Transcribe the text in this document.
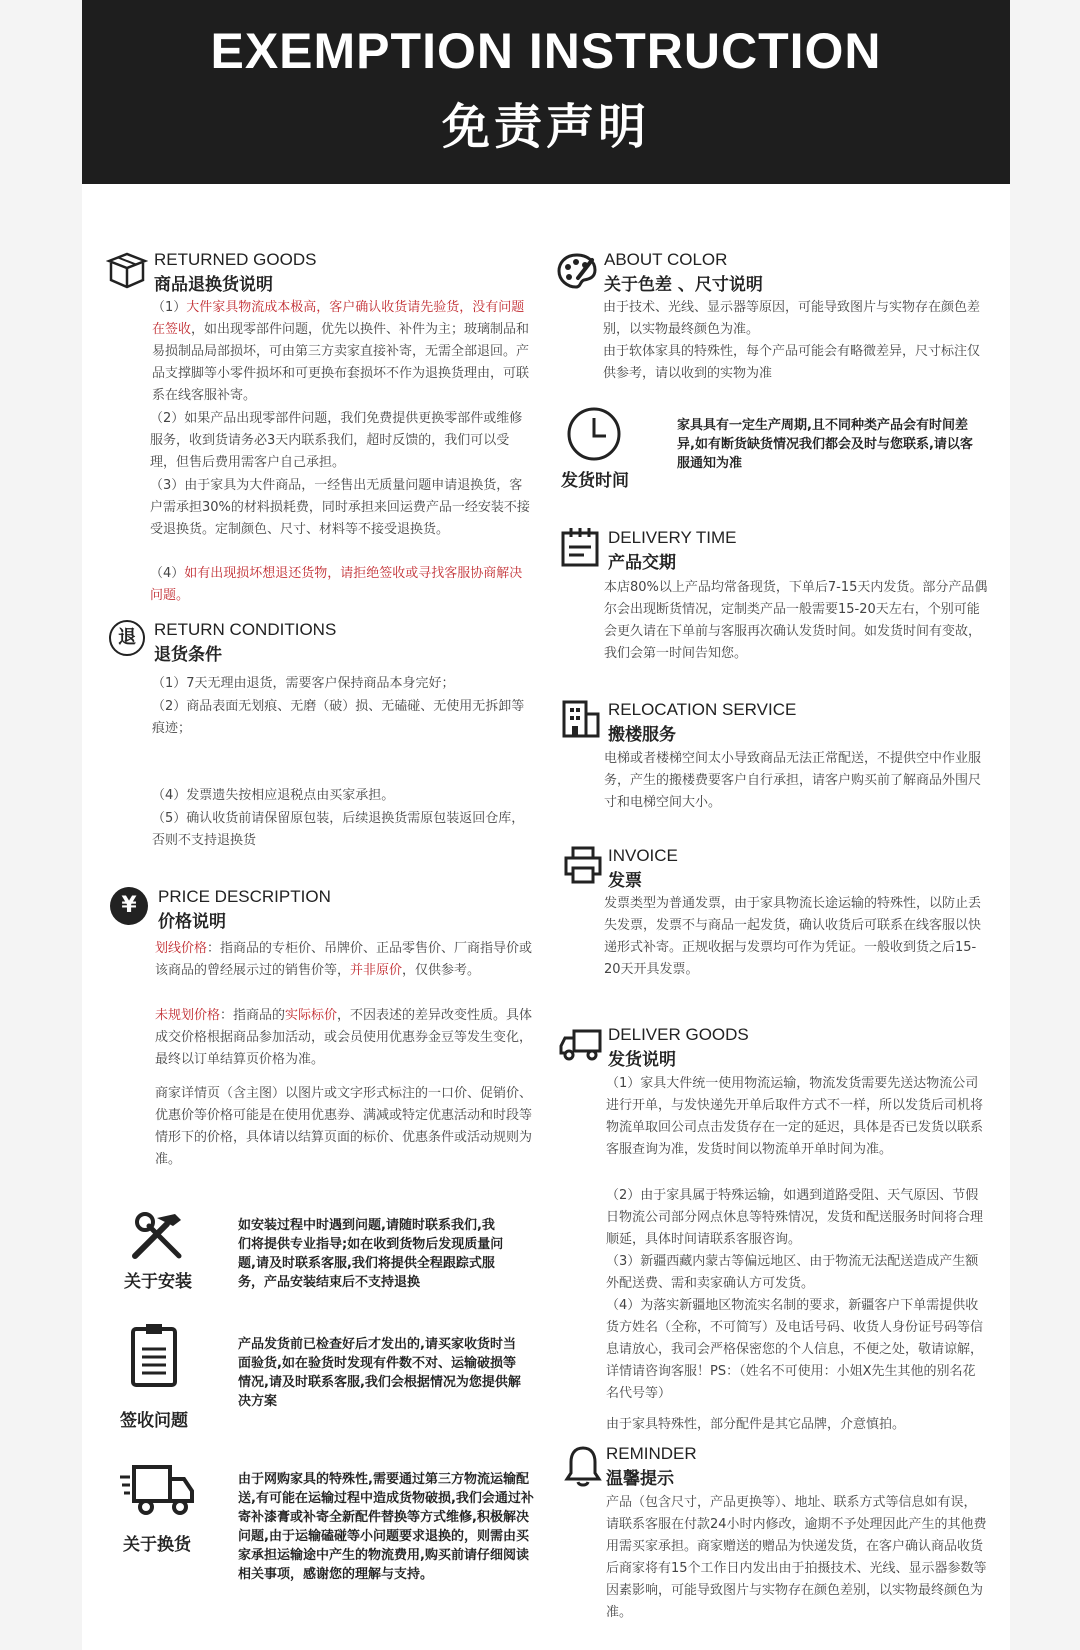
EXEMPTION INSTRUCTION
免责声明
RETURNED GOODS
商品退换货说明
（1）大件家具物流成本极高，客户确认收货请先验货，没有问题在签收，如出现零部件问题，优先以换件、补件为主；玻璃制品和易损制品局部损坏，可由第三方卖家直接补寄，无需全部退回。产品支撑脚等小零件损坏和可更换布套损坏不作为退换货理由，可联系在线客服补寄。
（2）如果产品出现零部件问题，我们免费提供更换零部件或维修服务，收到货请务必3天内联系我们，超时反馈的，我们可以受理，但售后费用需客户自己承担。
（3）由于家具为大件商品，一经售出无质量问题申请退换货，客户需承担30%的材料损耗费，同时承担来回运费产品一经安装不接受退换货。定制颜色、尺寸、材料等不接受退换货。
（4）如有出现损坏想退还货物，请拒绝签收或寻找客服协商解决问题。
退	RETURN CONDITIONS
退货条件
（1）7天无理由退货，需要客户保持商品本身完好；
（2）商品表面无划痕、无磨（破）损、无磕碰、无使用无拆卸等痕迹；
（4）发票遗失按相应退税点由买家承担。
（5）确认收货前请保留原包装，后续退换货需原包装返回仓库，否则不支持退换货
¥	PRICE DESCRIPTION
价格说明
划线价格：指商品的专柜价、吊牌价、正品零售价、厂商指导价或该商品的曾经展示过的销售价等，并非原价，仅供参考。
未规划价格：指商品的实际标价，不因表述的差异改变性质。具体成交价格根据商品参加活动，或会员使用优惠券金豆等发生变化，最终以订单结算页价格为准。
商家详情页（含主图）以图片或文字形式标注的一口价、促销价、优惠价等价格可能是在使用优惠券、满减或特定优惠活动和时段等情形下的价格，具体请以结算页面的标价、优惠条件或活动规则为准。
关于安装
如安装过程中时遇到问题,请随时联系我们,我们将提供专业指导;如在收到货物后发现质量问题,请及时联系客服,我们将提供全程跟踪式服务，产品安装结束后不支持退换
签收问题
产品发货前已检查好后才发出的,请买家收货时当面验货,如在验货时发现有件数不对、运输破损等情况,请及时联系客服,我们会根据情况为您提供解决方案
关于换货
由于网购家具的特殊性,需要通过第三方物流运输配送,有可能在运输过程中造成货物破损,我们会通过补寄补漆膏或补寄全新配件替换等方式维修,积极解决问题,由于运输磕碰等小问题要求退换的，则需由买家承担运输途中产生的物流费用,购买前请仔细阅读相关事项，感谢您的理解与支持。
ABOUT COLOR
关于色差 、尺寸说明
由于技术、光线、显示器等原因，可能导致图片与实物存在颜色差别，以实物最终颜色为准。
由于软体家具的特殊性，每个产品可能会有略微差异，尺寸标注仅供参考，请以收到的实物为准
发货时间
家具具有一定生产周期,且不同种类产品会有时间差异,如有断货缺货情况我们都会及时与您联系,请以客服通知为准
DELIVERY TIME
产品交期
本店80%以上产品均常备现货，下单后7-15天内发货。部分产品偶尔会出现断货情况，定制类产品一般需要15-20天左右，个别可能会更久请在下单前与客服再次确认发货时间。如发货时间有变故，我们会第一时间告知您。
RELOCATION SERVICE
搬楼服务
电梯或者楼梯空间太小导致商品无法正常配送，不提供空中作业服务，产生的搬楼费要客户自行承担，请客户购买前了解商品外围尺寸和电梯空间大小。
INVOICE
发票
发票类型为普通发票，由于家具物流长途运输的特殊性，以防止丢失发票，发票不与商品一起发货，确认收货后可联系在线客服以快递形式补寄。正规收据与发票均可作为凭证。一般收到货之后15-20天开具发票。
DELIVER GOODS
发货说明
（1）家具大件统一使用物流运输，物流发货需要先送达物流公司进行开单，与发快递先开单后取件方式不一样，所以发货后司机将物流单取回公司点击发货存在一定的延迟，具体是否已发货以联系客服查询为准，发货时间以物流单开单时间为准。
（2）由于家具属于特殊运输，如遇到道路受阻、天气原因、节假日物流公司部分网点休息等特殊情况，发货和配送服务时间将合理顺延，具体时间请联系客服咨询。
（3）新疆西藏内蒙古等偏远地区、由于物流无法配送造成产生额外配送费、需和卖家确认方可发货。
（4）为落实新疆地区物流实名制的要求，新疆客户下单需提供收货方姓名（全称，不可简写）及电话号码、收货人身份证号码等信息请放心，我司会严格保密您的个人信息，不便之处，敬请谅解，详情请咨询客服！PS：（姓名不可使用：小姐X先生其他的别名花名代号等）
由于家具特殊性，部分配件是其它品牌，介意慎拍。
REMINDER
温馨提示
产品（包含尺寸，产品更换等）、地址、联系方式等信息如有误，请联系客服在付款24小时内修改，逾期不予处理因此产生的其他费用需买家承担。商家赠送的赠品为快递发货，在客户确认商品收货后商家将有15个工作日内发出由于拍摄技术、光线、显示器参数等因素影响，可能导致图片与实物存在颜色差别，以实物最终颜色为准。
